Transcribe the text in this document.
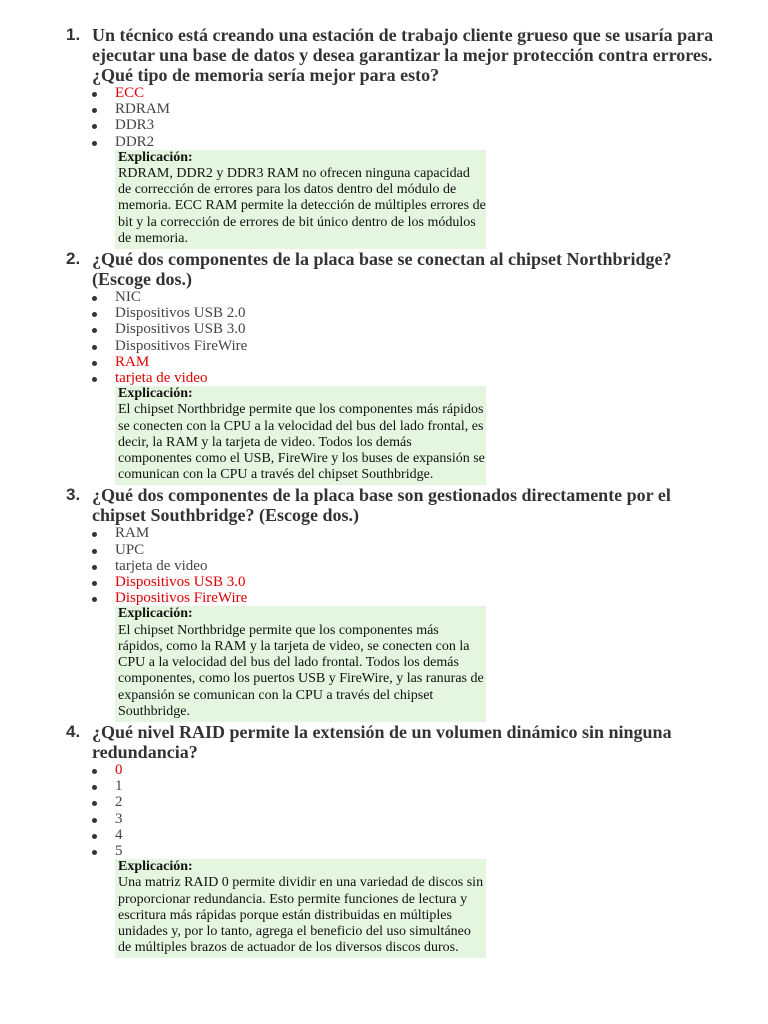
1. Un técnico está creando una estación de trabajo cliente grueso que se usaría para ejecutar una base de datos y desea garantizar la mejor protección contra errores. ¿Qué tipo de memoria sería mejor para esto?

ECC
RDRAM
DDR3
DDR2
Explicación:
RDRAM, DDR2 y DDR3 RAM no ofrecen ninguna capacidad de corrección de errores para los datos dentro del módulo de memoria. ECC RAM permite la detección de múltiples errores de bit y la corrección de errores de bit único dentro de los módulos de memoria.
2. ¿Qué dos componentes de la placa base se conectan al chipset Northbridge? (Escoge dos.)

NIC
Dispositivos USB 2.0
Dispositivos USB 3.0
Dispositivos FireWire
RAM
tarjeta de video
Explicación:
El chipset Northbridge permite que los componentes más rápidos se conecten con la CPU a la velocidad del bus del lado frontal, es decir, la RAM y la tarjeta de video. Todos los demás componentes como el USB, FireWire y los buses de expansión se comunican con la CPU a través del chipset Southbridge.
3. ¿Qué dos componentes de la placa base son gestionados directamente por el chipset Southbridge? (Escoge dos.)

RAM
UPC
tarjeta de video
Dispositivos USB 3.0
Dispositivos FireWire
Explicación:
El chipset Northbridge permite que los componentes más rápidos, como la RAM y la tarjeta de video, se conecten con la CPU a la velocidad del bus del lado frontal. Todos los demás componentes, como los puertos USB y FireWire, y las ranuras de expansión se comunican con la CPU a través del chipset Southbridge.
4. ¿Qué nivel RAID permite la extensión de un volumen dinámico sin ninguna redundancia?

0
1
2
3
4
5
Explicación:
Una matriz RAID 0 permite dividir en una variedad de discos sin proporcionar redundancia. Esto permite funciones de lectura y escritura más rápidas porque están distribuidas en múltiples unidades y, por lo tanto, agrega el beneficio del uso simultáneo de múltiples brazos de actuador de los diversos discos duros.
